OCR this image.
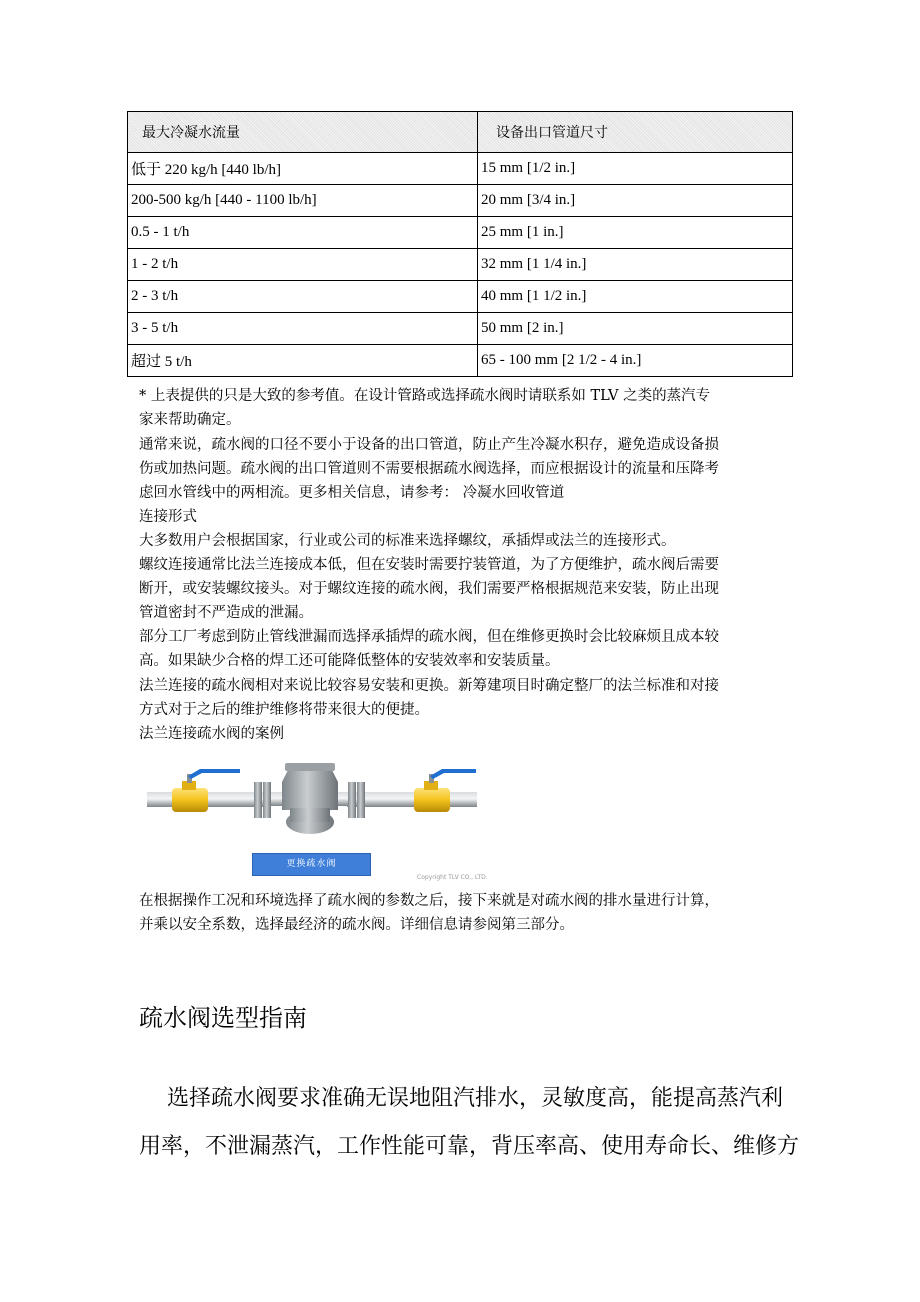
最大冷凝水流量	设备出口管道尺寸
低于 220 kg/h [440 lb/h]	15 mm [1/2 in.]
200-500 kg/h [440 - 1100 lb/h]	20 mm [3/4 in.]
0.5 - 1 t/h	25 mm [1 in.]
1 - 2 t/h	32 mm [1 1/4 in.]
2 - 3 t/h	40 mm [1 1/2 in.]
3 - 5 t/h	50 mm [2 in.]
超过 5 t/h	65 - 100 mm [2 1/2 - 4 in.]
* 上表提供的只是大致的参考值。在设计管路或选择疏水阀时请联系如 TLV 之类的蒸汽专
家来帮助确定。
通常来说，疏水阀的口径不要小于设备的出口管道，防止产生冷凝水积存，避免造成设备损
伤或加热问题。疏水阀的出口管道则不需要根据疏水阀选择，而应根据设计的流量和压降考
虑回水管线中的两相流。更多相关信息，请参考： 冷凝水回收管道
连接形式
大多数用户会根据国家，行业或公司的标准来选择螺纹，承插焊或法兰的连接形式。
螺纹连接通常比法兰连接成本低，但在安装时需要拧装管道，为了方便维护，疏水阀后需要
断开，或安装螺纹接头。对于螺纹连接的疏水阀，我们需要严格根据规范来安装，防止出现
管道密封不严造成的泄漏。
部分工厂考虑到防止管线泄漏而选择承插焊的疏水阀，但在维修更换时会比较麻烦且成本较
高。如果缺少合格的焊工还可能降低整体的安装效率和安装质量。
法兰连接的疏水阀相对来说比较容易安装和更换。新筹建项目时确定整厂的法兰标准和对接
方式对于之后的维护维修将带来很大的便捷。
法兰连接疏水阀的案例
更换疏水阀
Copyright TLV CO., LTD.
在根据操作工况和环境选择了疏水阀的参数之后，接下来就是对疏水阀的排水量进行计算，
并乘以安全系数，选择最经济的疏水阀。详细信息请参阅第三部分。
疏水阀选型指南
选择疏水阀要求准确无误地阻汽排水，灵敏度高，能提高蒸汽利
用率，不泄漏蒸汽，工作性能可靠，背压率高、使用寿命长、维修方
